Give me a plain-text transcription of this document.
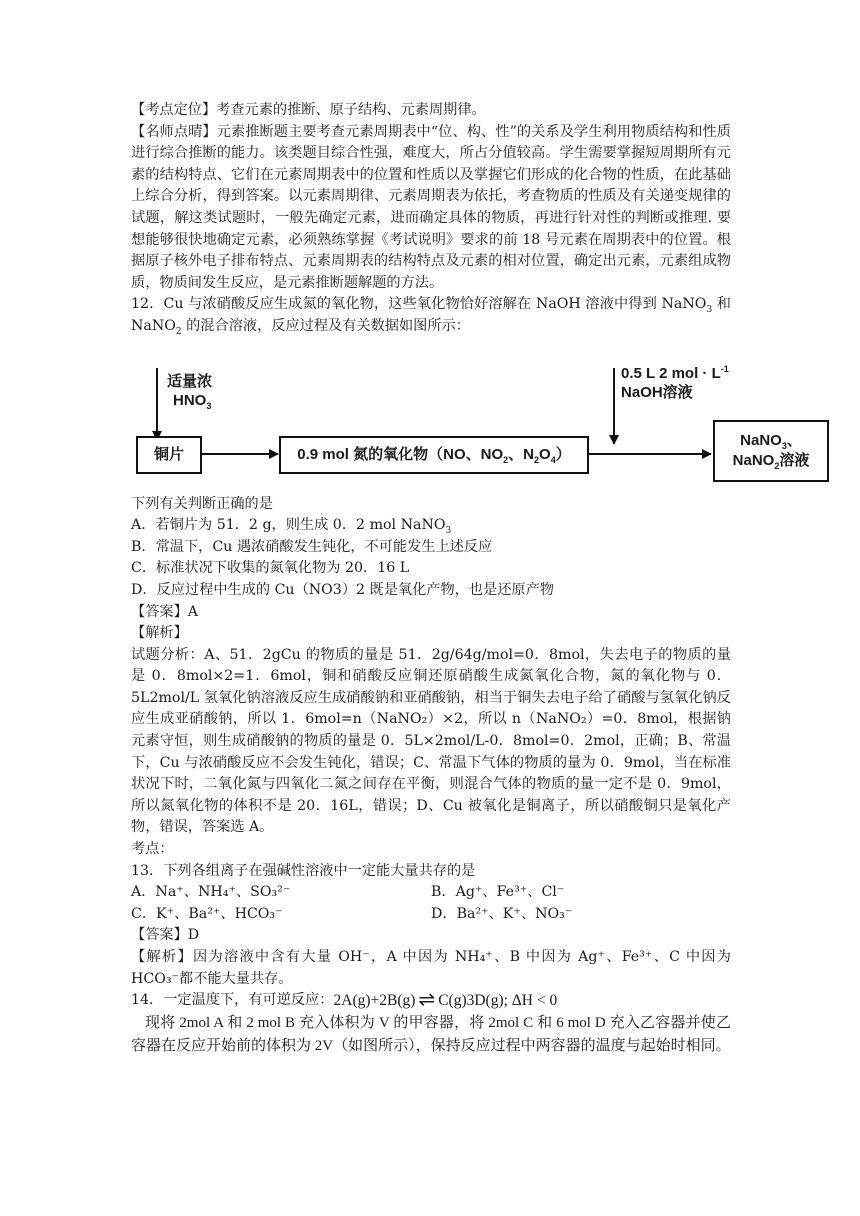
【考点定位】考查元素的推断、原子结构、元素周期律。

【名师点晴】元素推断题主要考查元素周期表中“位、构、性”的关系及学生利用物质结构和性质进行综合推断的能力。该类题目综合性强，难度大，所占分值较高。学生需要掌握短周期所有元素的结构特点、它们在元素周期表中的位置和性质以及掌握它们形成的化合物的性质，在此基础上综合分析，得到答案。以元素周期律、元素周期表为依托，考查物质的性质及有关递变规律的试题，解这类试题时，一般先确定元素，进而确定具体的物质，再进行针对性的判断或推理. 要想能够很快地确定元素，必须熟练掌握《考试说明》要求的前 18 号元素在周期表中的位置。根据原子核外电子排布特点、元素周期表的结构特点及元素的相对位置，确定出元素，元素组成物质，物质间发生反应，是元素推断题解题的方法。

12．Cu 与浓硝酸反应生成氮的氧化物，这些氧化物恰好溶解在 NaOH 溶液中得到 NaNO$_3$ 和 NaNO$_2$ 的混合溶液，反应过程及有关数据如图所示：

适量浓
$HNO_3$
铜片	0.9 mol 氮的氧化物（NO、$NO_2$、$N_2O_4$）
0.5 L 2 mol · $L^{-1}$
NaOH溶液
NaNO$_3$、
NaNO$_2$溶液

下列有关判断正确的是

A．若铜片为 51．2 g，则生成 0．2 mol NaNO$_3$

B．常温下，Cu 遇浓硝酸发生钝化，不可能发生上述反应

C．标准状况下收集的氮氧化物为 20．16 L

D．反应过程中生成的 Cu（NO3）2 既是氧化产物，也是还原产物

【答案】A

【解析】

试题分析：A、51．2gCu 的物质的量是 51．2g/64g/mol=0．8mol，失去电子的物质的量是 0．8mol×2=1．6mol，铜和硝酸反应铜还原硝酸生成氮氧化合物，氮的氧化物与 0．5L2mol/L 氢氧化钠溶液反应生成硝酸钠和亚硝酸钠，相当于铜失去电子给了硝酸与氢氧化钠反应生成亚硝酸钠，所以 1．6mol=n（NaNO₂）×2，所以 n（NaNO₂）=0．8mol，根据钠元素守恒，则生成硝酸钠的物质的量是 0．5L×2mol/L-0．8mol=0．2mol，正确；B、常温下，Cu 与浓硝酸反应不会发生钝化，错误；C、常温下气体的物质的量为 0．9mol，当在标准状况下时，二氧化氮与四氧化二氮之间存在平衡，则混合气体的物质的量一定不是 0．9mol，所以氮氧化物的体积不是 20．16L，错误；D、Cu 被氧化是铜离子，所以硝酸铜只是氧化产物，错误，答案选 A。

考点：

13．下列各组离子在强碱性溶液中一定能大量共存的是

A．Na⁺、NH₄⁺、SO₃²⁻	B．Ag⁺、Fe³⁺、Cl⁻
C．K⁺、Ba²⁺、HCO₃⁻	D．Ba²⁺、K⁺、NO₃⁻

【答案】D

【解析】因为溶液中含有大量 OH⁻，A 中因为 NH₄⁺、B 中因为 Ag⁺、Fe³⁺、C 中因为 HCO₃⁻都不能大量共存。

14．一定温度下，有可逆反应： 2A(g)+2B(g) ⇌ C(g)3D(g); ΔH < 0

现将 2mol A 和 2 mol B 充入体积为 V 的甲容器，将 2mol C 和 6 mol D 充入乙容器并使乙容器在反应开始前的体积为 2V（如图所示），保持反应过程中两容器的温度与起始时相同。
